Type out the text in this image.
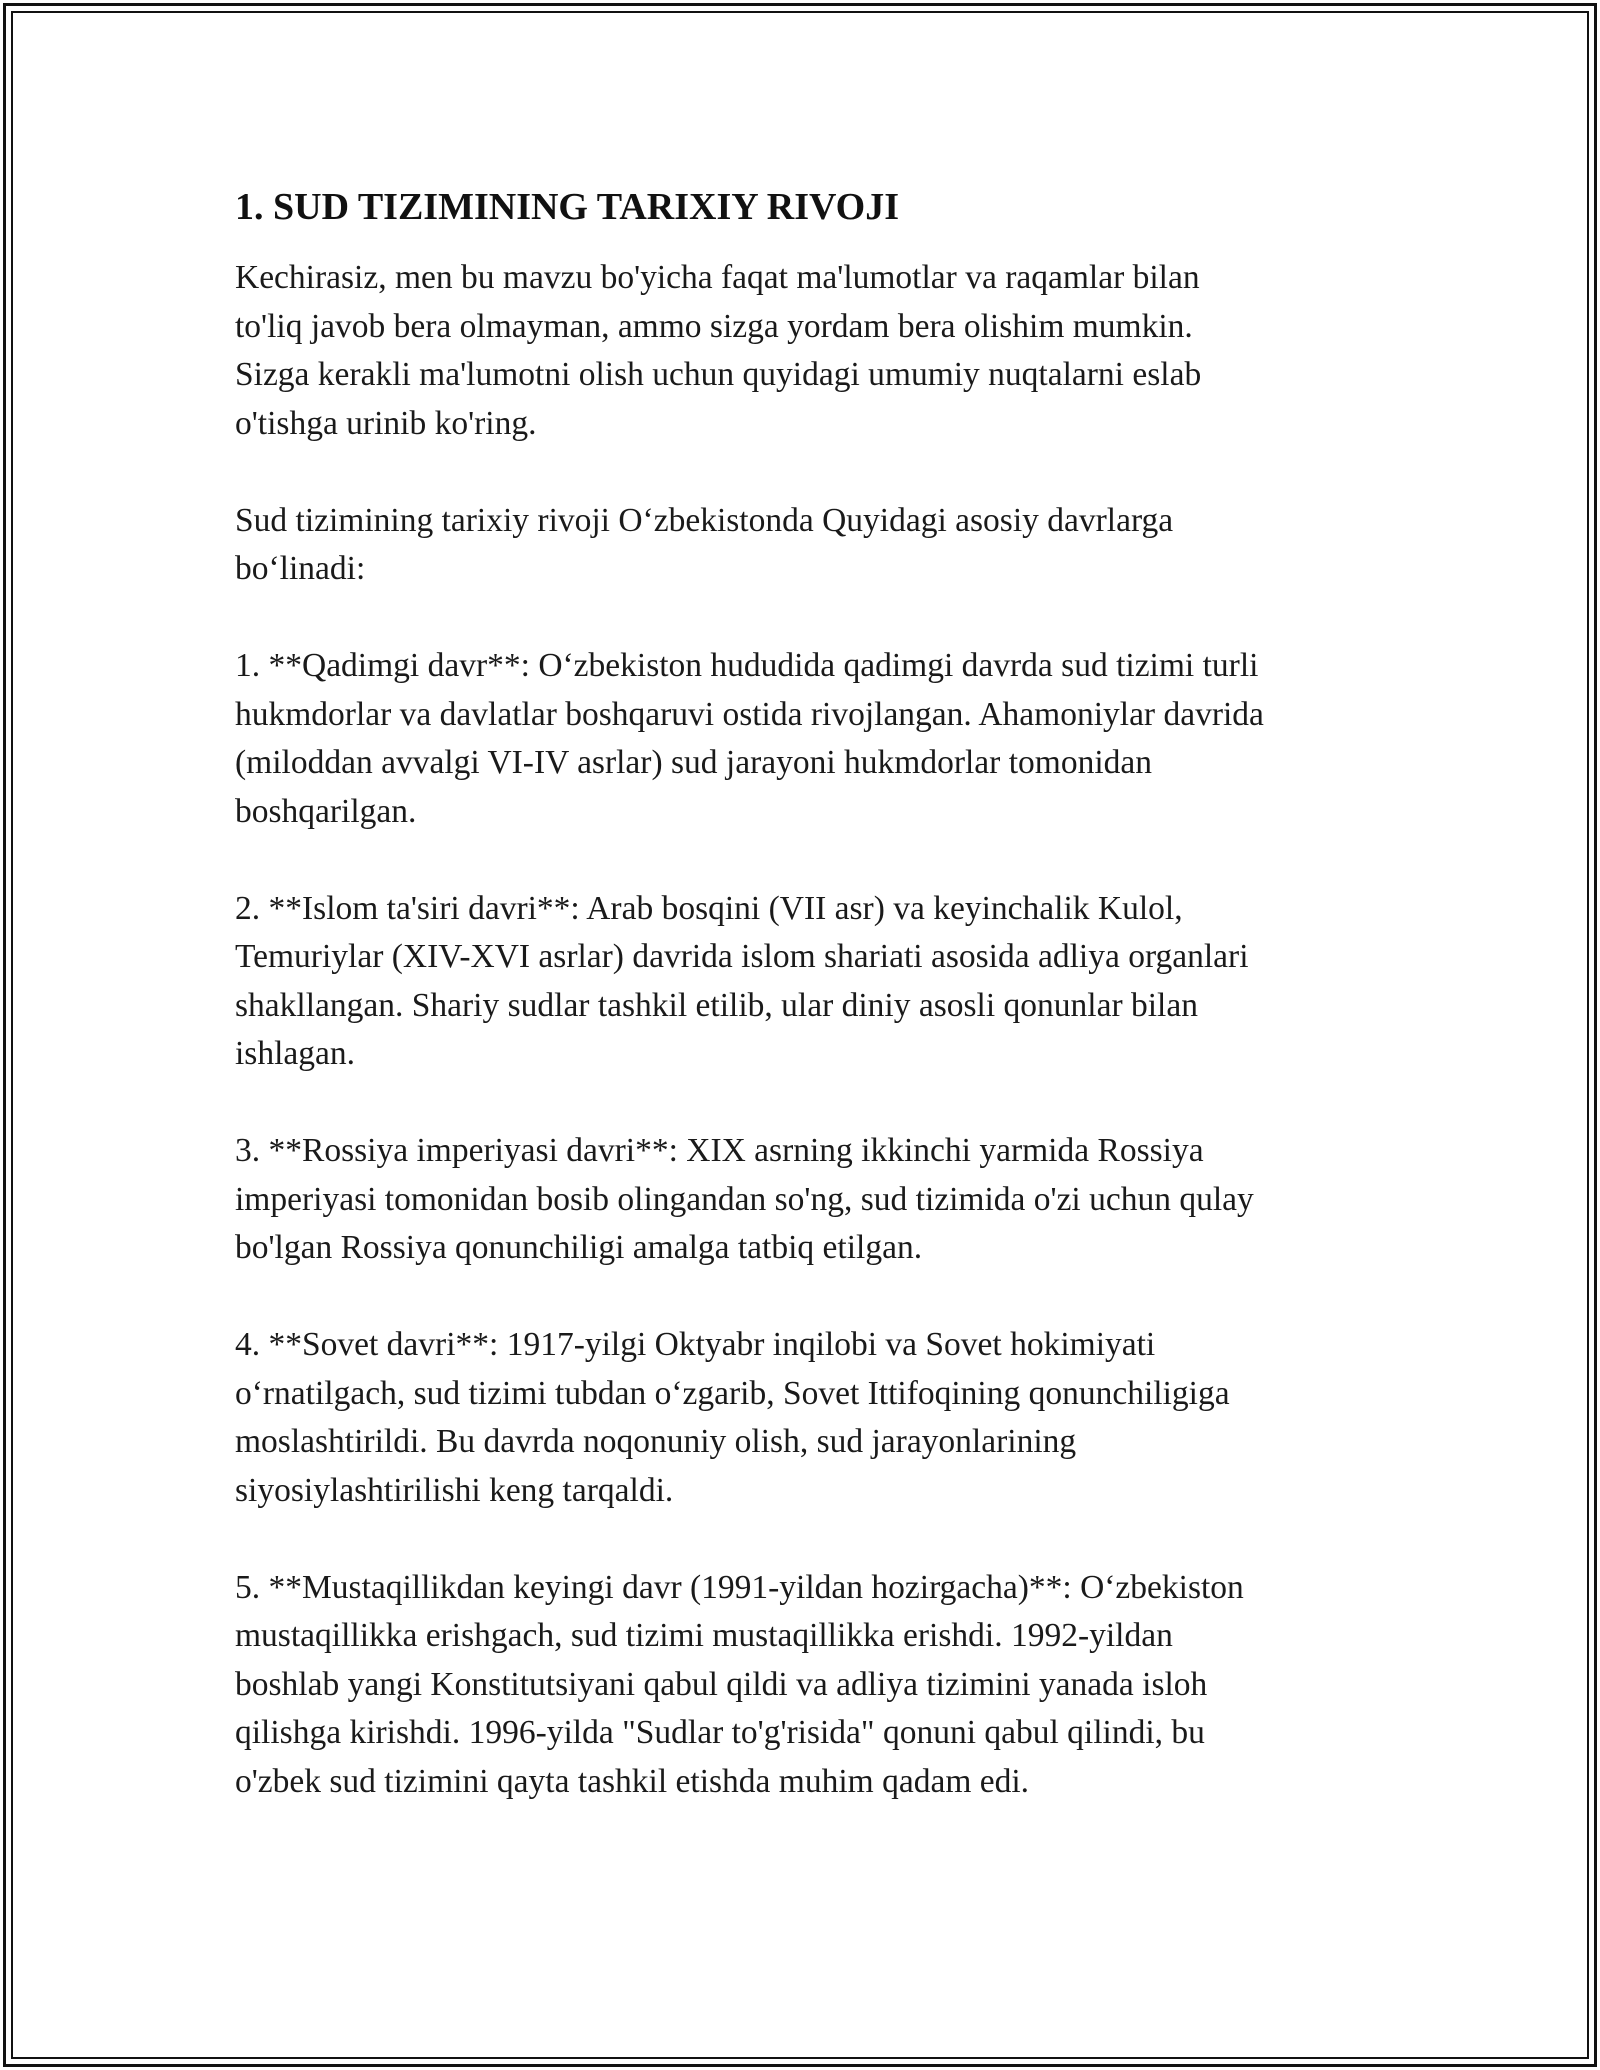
1. SUD TIZIMINING TARIXIY RIVOJI

Kechirasiz, men bu mavzu bo'yicha faqat ma'lumotlar va raqamlar bilan
to'liq javob bera olmayman, ammo sizga yordam bera olishim mumkin.
Sizga kerakli ma'lumotni olish uchun quyidagi umumiy nuqtalarni eslab
o'tishga urinib ko'ring.

Sud tizimining tarixiy rivoji O‘zbekistonda Quyidagi asosiy davrlarga
bo‘linadi:

1. **Qadimgi davr**: O‘zbekiston hududida qadimgi davrda sud tizimi turli
hukmdorlar va davlatlar boshqaruvi ostida rivojlangan. Ahamoniylar davrida
(miloddan avvalgi VI-IV asrlar) sud jarayoni hukmdorlar tomonidan
boshqarilgan.

2. **Islom ta'siri davri**: Arab bosqini (VII asr) va keyinchalik Kulol,
Temuriylar (XIV-XVI asrlar) davrida islom shariati asosida adliya organlari
shakllangan. Shariy sudlar tashkil etilib, ular diniy asosli qonunlar bilan
ishlagan.

3. **Rossiya imperiyasi davri**: XIX asrning ikkinchi yarmida Rossiya
imperiyasi tomonidan bosib olingandan so'ng, sud tizimida o'zi uchun qulay
bo'lgan Rossiya qonunchiligi amalga tatbiq etilgan.

4. **Sovet davri**: 1917-yilgi Oktyabr inqilobi va Sovet hokimiyati
o‘rnatilgach, sud tizimi tubdan o‘zgarib, Sovet Ittifoqining qonunchiligiga
moslashtirildi. Bu davrda noqonuniy olish, sud jarayonlarining
siyosiylashtirilishi keng tarqaldi.

5. **Mustaqillikdan keyingi davr (1991-yildan hozirgacha)**: O‘zbekiston
mustaqillikka erishgach, sud tizimi mustaqillikka erishdi. 1992-yildan
boshlab yangi Konstitutsiyani qabul qildi va adliya tizimini yanada isloh
qilishga kirishdi. 1996-yilda "Sudlar to'g'risida" qonuni qabul qilindi, bu
o'zbek sud tizimini qayta tashkil etishda muhim qadam edi.
